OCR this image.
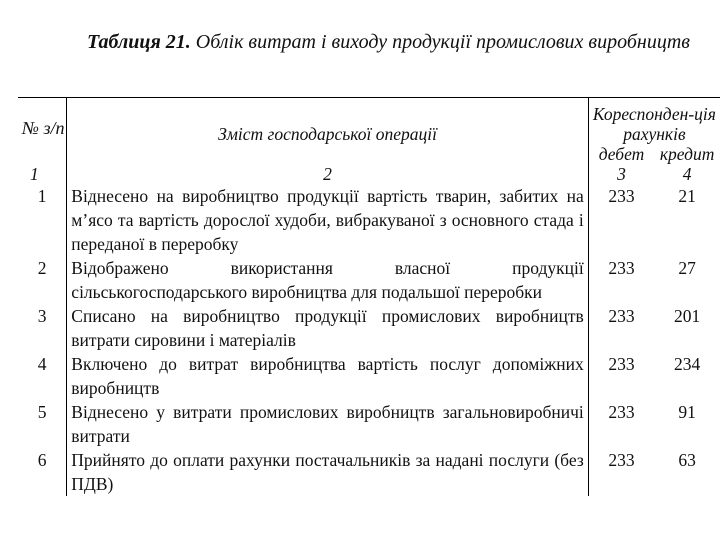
Таблиця 21. Облік витрат і виходу продукції промислових виробництв
№ з/п	Зміст господарської операції	Кореспонден-ція рахунків	
		дебет	кредит
1	2	3	4
1	Віднесено на виробництво продукції вартість тварин, забитих на м’ясо та вартість дорослої худоби, вибракуваної з основного стада і переданої в переробку	233	21
2	Відображено використання власної продукції сільськогосподарського виробництва для подальшої переробки	233	27
3	Списано на виробництво продукції промислових виробництв витрати сировини і матеріалів	233	201
4	Включено до витрат виробництва вартість послуг допоміжних виробництв	233	234
5	Віднесено у витрати промислових виробництв загальновиробничі витрати	233	91
6	Прийнято до оплати рахунки постачальників за надані послуги (без ПДВ)	233	63
